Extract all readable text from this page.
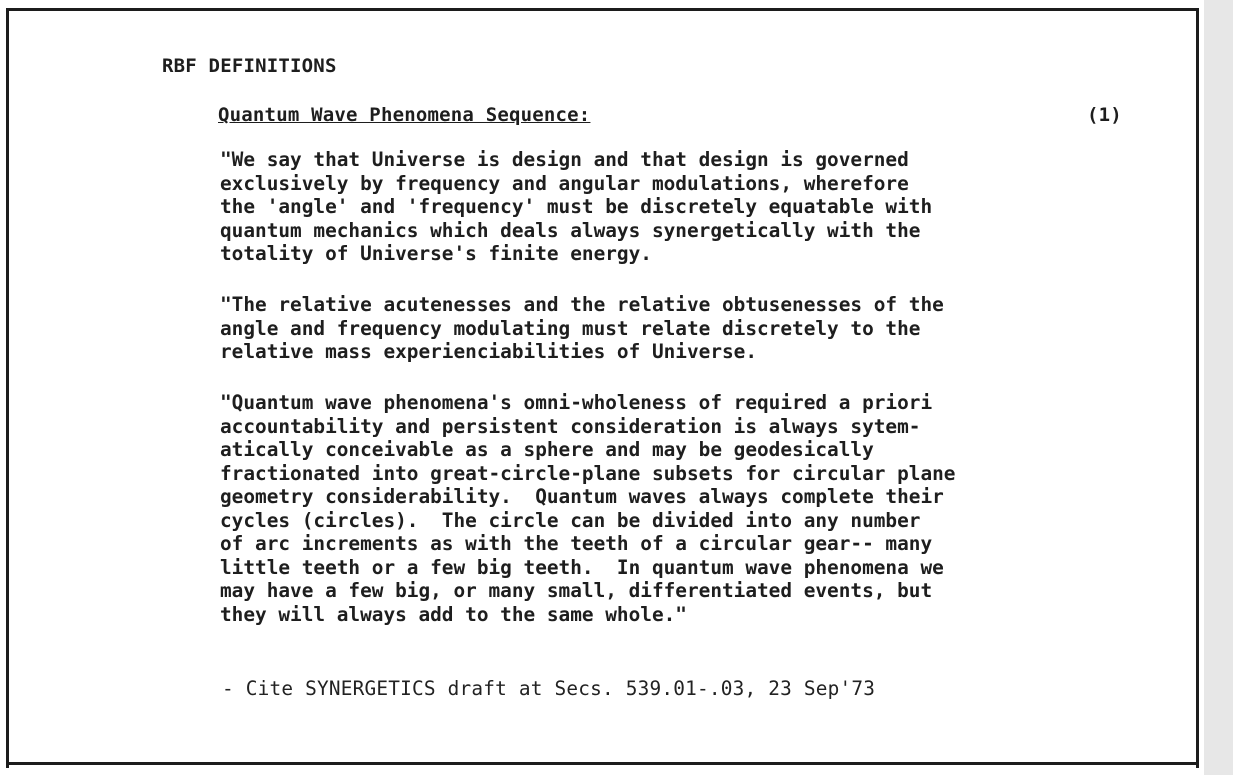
RBF DEFINITIONS

Quantum Wave Phenomena Sequence:	(1)

"We say that Universe is design and that design is governed
exclusively by frequency and angular modulations, wherefore
the 'angle' and 'frequency' must be discretely equatable with
quantum mechanics which deals always synergetically with the
totality of Universe's finite energy.
"The relative acutenesses and the relative obtusenesses of the
angle and frequency modulating must relate discretely to the
relative mass experienciabilities of Universe.
"Quantum wave phenomena's omni-wholeness of required a priori
accountability and persistent consideration is always sytem-
atically conceivable as a sphere and may be geodesically
fractionated into great-circle-plane subsets for circular plane
geometry considerability.  Quantum waves always complete their
cycles (circles).  The circle can be divided into any number
of arc increments as with the teeth of a circular gear-- many
little teeth or a few big teeth.  In quantum wave phenomena we
may have a few big, or many small, differentiated events, but
they will always add to the same whole."

- Cite SYNERGETICS draft at Secs. 539.01-.03, 23 Sep'73
